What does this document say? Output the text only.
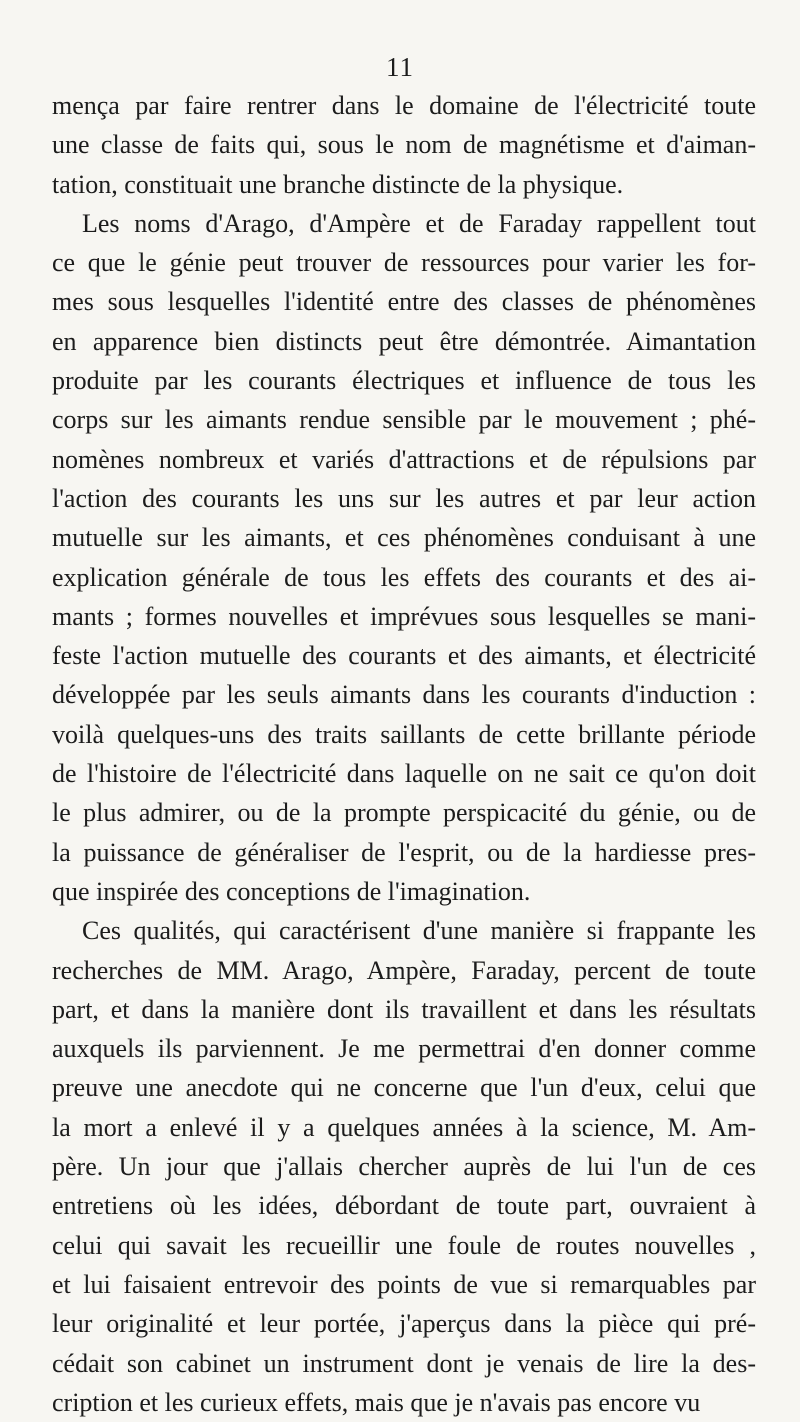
11
mença par faire rentrer dans le domaine de l'électricité toute
une classe de faits qui, sous le nom de magnétisme et d'aiman-
tation, constituait une branche distincte de la physique.
Les noms d'Arago, d'Ampère et de Faraday rappellent tout
ce que le génie peut trouver de ressources pour varier les for-
mes sous lesquelles l'identité entre des classes de phénomènes
en apparence bien distincts peut être démontrée. Aimantation
produite par les courants électriques et influence de tous les
corps sur les aimants rendue sensible par le mouvement ; phé-
nomènes nombreux et variés d'attractions et de répulsions par
l'action des courants les uns sur les autres et par leur action
mutuelle sur les aimants, et ces phénomènes conduisant à une
explication générale de tous les effets des courants et des ai-
mants ; formes nouvelles et imprévues sous lesquelles se mani-
feste l'action mutuelle des courants et des aimants, et électricité
développée par les seuls aimants dans les courants d'induction :
voilà quelques-uns des traits saillants de cette brillante période
de l'histoire de l'électricité dans laquelle on ne sait ce qu'on doit
le plus admirer, ou de la prompte perspicacité du génie, ou de
la puissance de généraliser de l'esprit, ou de la hardiesse pres-
que inspirée des conceptions de l'imagination.
Ces qualités, qui caractérisent d'une manière si frappante les
recherches de MM. Arago, Ampère, Faraday, percent de toute
part, et dans la manière dont ils travaillent et dans les résultats
auxquels ils parviennent. Je me permettrai d'en donner comme
preuve une anecdote qui ne concerne que l'un d'eux, celui que
la mort a enlevé il y a quelques années à la science, M. Am-
père. Un jour que j'allais chercher auprès de lui l'un de ces
entretiens où les idées, débordant de toute part, ouvraient à
celui qui savait les recueillir une foule de routes nouvelles ,
et lui faisaient entrevoir des points de vue si remarquables par
leur originalité et leur portée, j'aperçus dans la pièce qui pré-
cédait son cabinet un instrument dont je venais de lire la des-
cription et les curieux effets, mais que je n'avais pas encore vu
